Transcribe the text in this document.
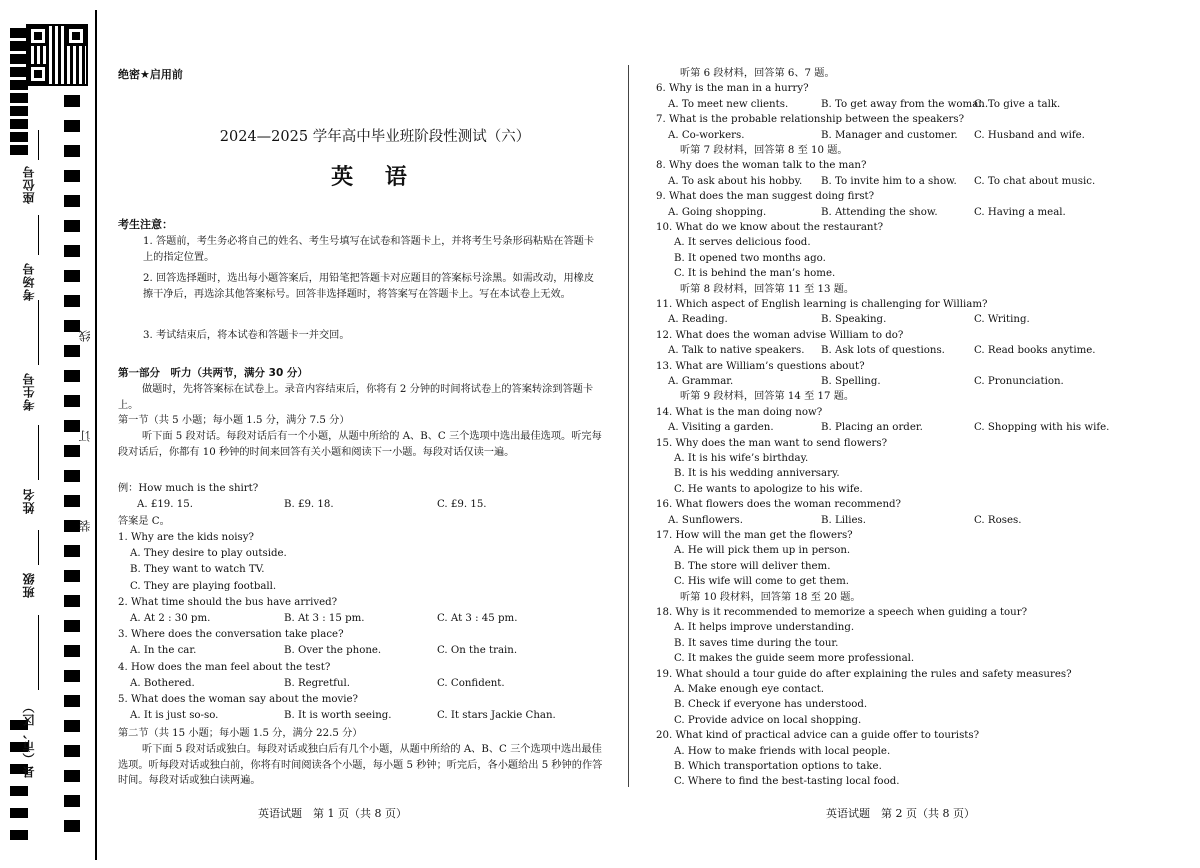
座位号
考场号
考生号
姓名
班级
县（市、区）
线
订
装
绝密★启用前
2024—2025 学年高中毕业班阶段性测试（六）
英 语
考生注意：
1. 答题前，考生务必将自己的姓名、考生号填写在试卷和答题卡上，并将考生号条形码粘贴在答题卡上的指定位置。
2. 回答选择题时，选出每小题答案后，用铅笔把答题卡对应题目的答案标号涂黑。如需改动，用橡皮擦干净后，再选涂其他答案标号。回答非选择题时，将答案写在答题卡上。写在本试卷上无效。
3. 考试结束后，将本试卷和答题卡一并交回。
第一部分　听力（共两节，满分 30 分）
做题时，先将答案标在试卷上。录音内容结束后，你将有 2 分钟的时间将试卷上的答案转涂到答题卡上。
第一节（共 5 小题；每小题 1.5 分，满分 7.5 分）
听下面 5 段对话。每段对话后有一个小题，从题中所给的 A、B、C 三个选项中选出最佳选项。听完每段对话后，你都有 10 秒钟的时间来回答有关小题和阅读下一小题。每段对话仅读一遍。
例：How much is the shirt?
A. £19. 15.	B. £9. 18.	C. £9. 15.
答案是 C。
1. Why are the kids noisy?
A. They desire to play outside.
B. They want to watch TV.
C. They are playing football.
2. What time should the bus have arrived?
A. At 2 : 30 pm.	B. At 3 : 15 pm.	C. At 3 : 45 pm.
3. Where does the conversation take place?
A. In the car.	B. Over the phone.	C. On the train.
4. How does the man feel about the test?
A. Bothered.	B. Regretful.	C. Confident.
5. What does the woman say about the movie?
A. It is just so-so.	B. It is worth seeing.	C. It stars Jackie Chan.
第二节（共 15 小题；每小题 1.5 分，满分 22.5 分）
听下面 5 段对话或独白。每段对话或独白后有几个小题，从题中所给的 A、B、C 三个选项中选出最佳选项。听每段对话或独白前，你将有时间阅读各个小题，每小题 5 秒钟；听完后，各小题给出 5 秒钟的作答时间。每段对话或独白读两遍。
听第 6 段材料，回答第 6、7 题。
6. Why is the man in a hurry?
A. To meet new clients.	B. To get away from the woman.
C. To give a talk.
7. What is the probable relationship between the speakers?
A. Co-workers.	B. Manager and customer. C. Husband and wife.
听第 7 段材料，回答第 8 至 10 题。
8. Why does the woman talk to the man?
A. To ask about his hobby. B. To invite him to a show. C. To chat about music.
9. What does the man suggest doing first?
A. Going shopping.	B. Attending the show.	C. Having a meal.
10. What do we know about the restaurant?
A. It serves delicious food.
B. It opened two months ago.
C. It is behind the man’s home.
听第 8 段材料，回答第 11 至 13 题。
11. Which aspect of English learning is challenging for William?
A. Reading.	B. Speaking.	C. Writing.
12. What does the woman advise William to do?
A. Talk to native speakers. B. Ask lots of questions.	C. Read books anytime.
13. What are William’s questions about?
A. Grammar.	B. Spelling.	C. Pronunciation.
听第 9 段材料，回答第 14 至 17 题。
14. What is the man doing now?
A. Visiting a garden.	B. Placing an order.	C. Shopping with his wife.
15. Why does the man want to send flowers?
A. It is his wife’s birthday.
B. It is his wedding anniversary.
C. He wants to apologize to his wife.
16. What flowers does the woman recommend?
A. Sunflowers.	B. Lilies.	C. Roses.
17. How will the man get the flowers?
A. He will pick them up in person.
B. The store will deliver them.
C. His wife will come to get them.
听第 10 段材料，回答第 18 至 20 题。
18. Why is it recommended to memorize a speech when guiding a tour?
A. It helps improve understanding.
B. It saves time during the tour.
C. It makes the guide seem more professional.
19. What should a tour guide do after explaining the rules and safety measures?
A. Make enough eye contact.
B. Check if everyone has understood.
C. Provide advice on local shopping.
20. What kind of practical advice can a guide offer to tourists?
A. How to make friends with local people.
B. Which transportation options to take.
C. Where to find the best-tasting local food.
英语试题　第 1 页（共 8 页）	英语试题　第 2 页（共 8 页）
